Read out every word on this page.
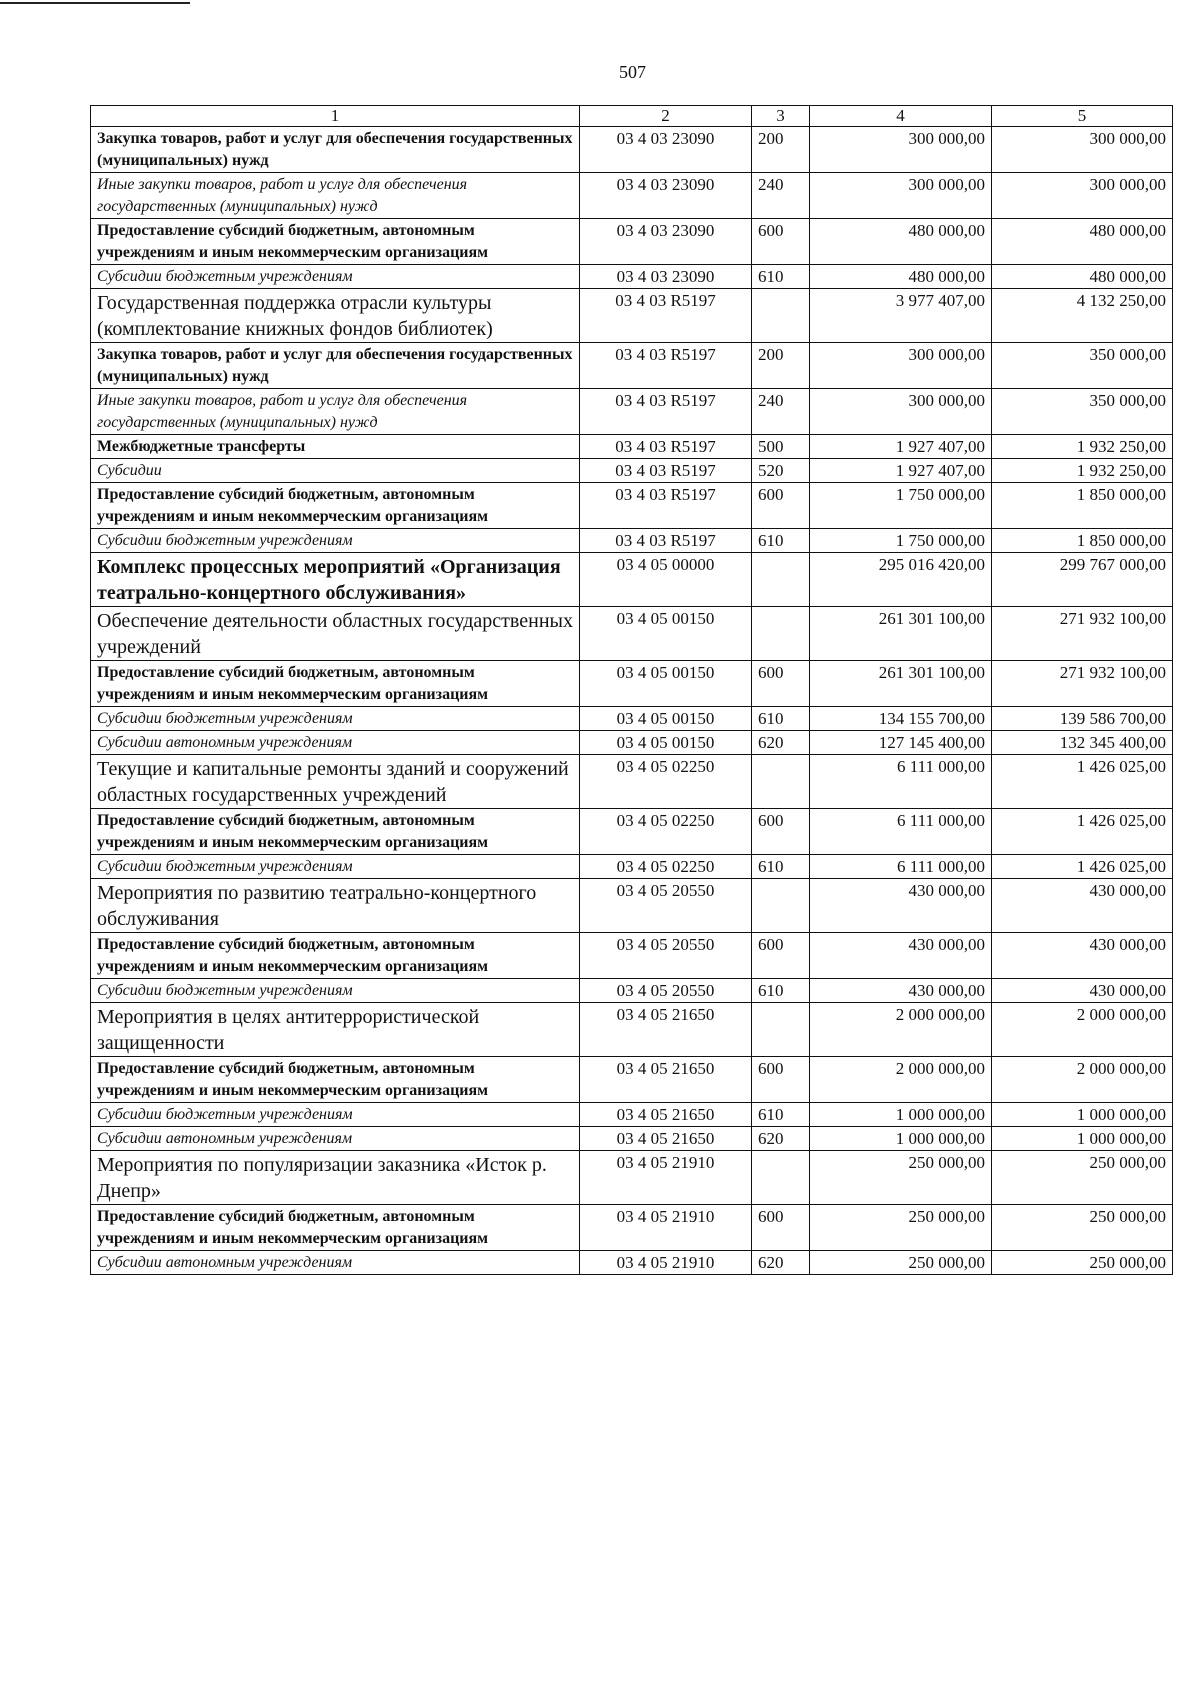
507
1	2	3	4	5
Закупка товаров, работ и услуг для обеспечения государственных (муниципальных) нужд	03 4 03 23090	200	300 000,00	300 000,00
Иные закупки товаров, работ и услуг для обеспечения государственных (муниципальных) нужд	03 4 03 23090	240	300 000,00	300 000,00
Предоставление субсидий бюджетным, автономным учреждениям и иным некоммерческим организациям	03 4 03 23090	600	480 000,00	480 000,00
Субсидии бюджетным учреждениям	03 4 03 23090	610	480 000,00	480 000,00
Государственная поддержка отрасли культуры (комплектование книжных фондов библиотек)	03 4 03 R5197		3 977 407,00	4 132 250,00
Закупка товаров, работ и услуг для обеспечения государственных (муниципальных) нужд	03 4 03 R5197	200	300 000,00	350 000,00
Иные закупки товаров, работ и услуг для обеспечения государственных (муниципальных) нужд	03 4 03 R5197	240	300 000,00	350 000,00
Межбюджетные трансферты	03 4 03 R5197	500	1 927 407,00	1 932 250,00
Субсидии	03 4 03 R5197	520	1 927 407,00	1 932 250,00
Предоставление субсидий бюджетным, автономным учреждениям и иным некоммерческим организациям	03 4 03 R5197	600	1 750 000,00	1 850 000,00
Субсидии бюджетным учреждениям	03 4 03 R5197	610	1 750 000,00	1 850 000,00
Комплекс процессных мероприятий «Организация театрально-концертного обслуживания»	03 4 05 00000		295 016 420,00	299 767 000,00
Обеспечение деятельности областных государственных учреждений	03 4 05 00150		261 301 100,00	271 932 100,00
Предоставление субсидий бюджетным, автономным учреждениям и иным некоммерческим организациям	03 4 05 00150	600	261 301 100,00	271 932 100,00
Субсидии бюджетным учреждениям	03 4 05 00150	610	134 155 700,00	139 586 700,00
Субсидии автономным учреждениям	03 4 05 00150	620	127 145 400,00	132 345 400,00
Текущие и капитальные ремонты зданий и сооружений областных государственных учреждений	03 4 05 02250		6 111 000,00	1 426 025,00
Предоставление субсидий бюджетным, автономным учреждениям и иным некоммерческим организациям	03 4 05 02250	600	6 111 000,00	1 426 025,00
Субсидии бюджетным учреждениям	03 4 05 02250	610	6 111 000,00	1 426 025,00
Мероприятия по развитию театрально-концертного обслуживания	03 4 05 20550		430 000,00	430 000,00
Предоставление субсидий бюджетным, автономным учреждениям и иным некоммерческим организациям	03 4 05 20550	600	430 000,00	430 000,00
Субсидии бюджетным учреждениям	03 4 05 20550	610	430 000,00	430 000,00
Мероприятия в целях антитеррористической защищенности	03 4 05 21650		2 000 000,00	2 000 000,00
Предоставление субсидий бюджетным, автономным учреждениям и иным некоммерческим организациям	03 4 05 21650	600	2 000 000,00	2 000 000,00
Субсидии бюджетным учреждениям	03 4 05 21650	610	1 000 000,00	1 000 000,00
Субсидии автономным учреждениям	03 4 05 21650	620	1 000 000,00	1 000 000,00
Мероприятия по популяризации заказника «Исток р. Днепр»	03 4 05 21910		250 000,00	250 000,00
Предоставление субсидий бюджетным, автономным учреждениям и иным некоммерческим организациям	03 4 05 21910	600	250 000,00	250 000,00
Субсидии автономным учреждениям	03 4 05 21910	620	250 000,00	250 000,00
